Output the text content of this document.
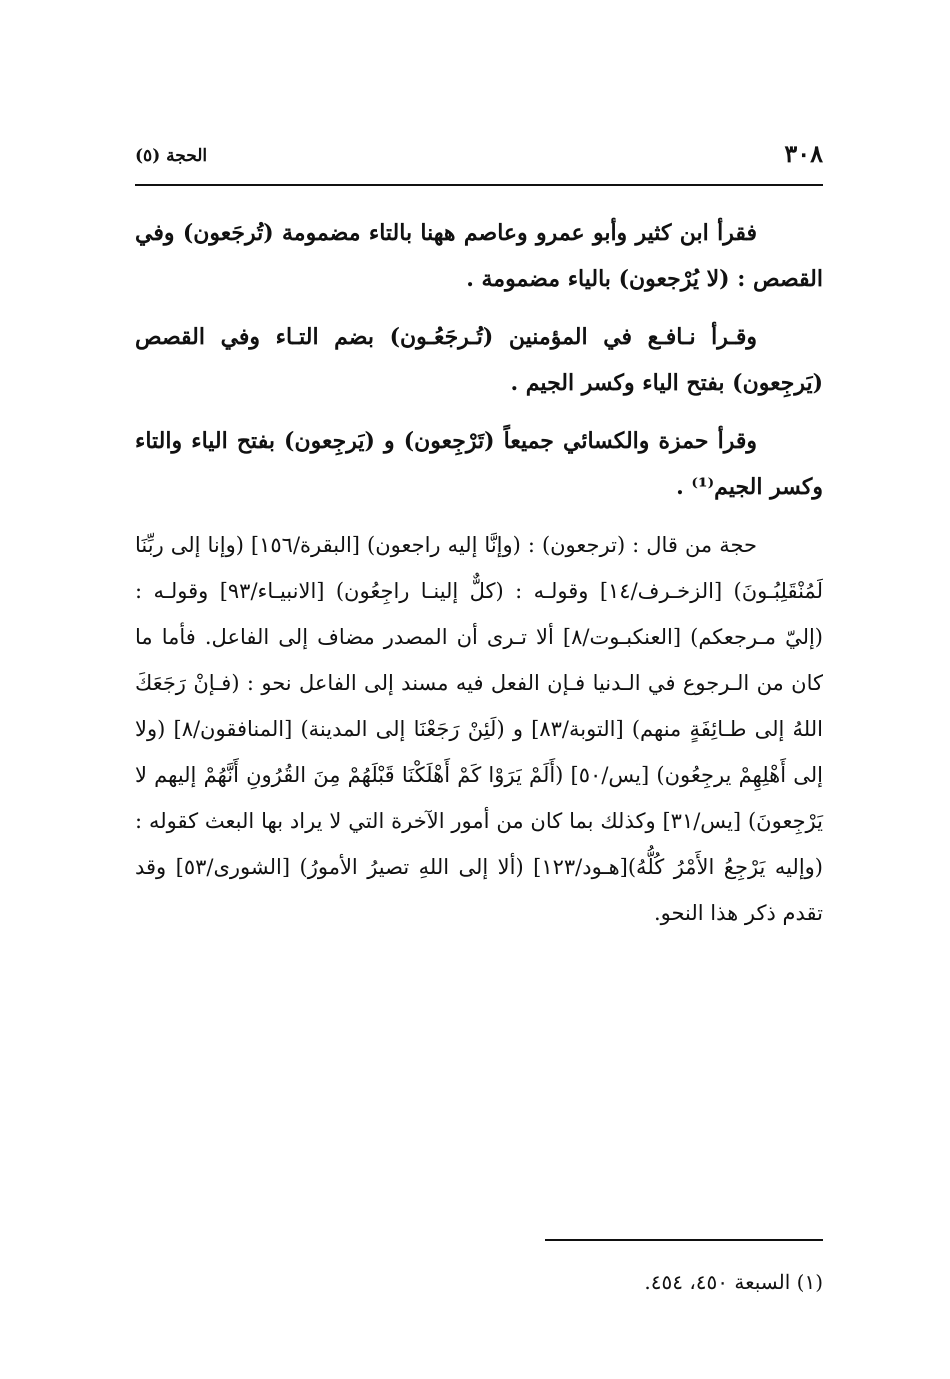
٣٠٨
الحجة (٥)

فقرأ ابن كثير وأبو عمرو وعاصم ههنا بالتاء مضمومة (تُرجَعون) وفي القصص : (لا يُرْجعون) بالياء مضمومة .

وقـرأ نـافـع في المؤمنين (تُـرجَعُـون) بضم التـاء وفي القصص (يَرجِعون) بفتح الياء وكسر الجيم .

وقرأ حمزة والكسائي جميعاً (تَرْجِعون) و (يَرجِعون) بفتح الياء والتاء وكسر الجيم⁽¹⁾ .

حجة من قال : (ترجعون) : (وإنَّا إليه راجعون) [البقرة/١٥٦] (وإنا إلى ربِّنَا لَمُنْقَلِبُـونَ) [الزخـرف/١٤] وقولـه : (كلٌّ إلينـا راجِعُون) [الانبيـاء/٩٣] وقولـه : (إليّ مـرجعكم) [العنكبـوت/٨] ألا تـرى أن المصدر مضاف إلى الفاعل. فأما ما كان من الـرجوع في الـدنيا فـإن الفعل فيه مسند إلى الفاعل نحو : (فـإنْ رَجَعَكَ اللهُ إلى طـائِفَةٍ منهم) [التوبة/٨٣] و (لَئِنْ رَجَعْنَا إلى المدينة) [المنافقون/٨] (ولا إلى أَهْلِهِمْ يرجِعُون) [يس/٥٠] (أَلَمْ يَرَوْا كَمْ أَهْلَكْنَا قَبْلَهُمْ مِنَ القُرُونِ أَنَّهُمْ إليهم لا يَرْجِعونَ) [يس/٣١] وكذلك بما كان من أمور الآخرة التي لا يراد بها البعث كقوله : (وإليه يَرْجِعُ الأَمْرُ كُلُّهُ)[هـود/١٢٣] (ألا إلى اللهِ تصيرُ الأمورُ) [الشورى/٥٣] وقد تقدم ذكر هذا النحو.

(١) السبعة ٤٥٠، ٤٥٤.
